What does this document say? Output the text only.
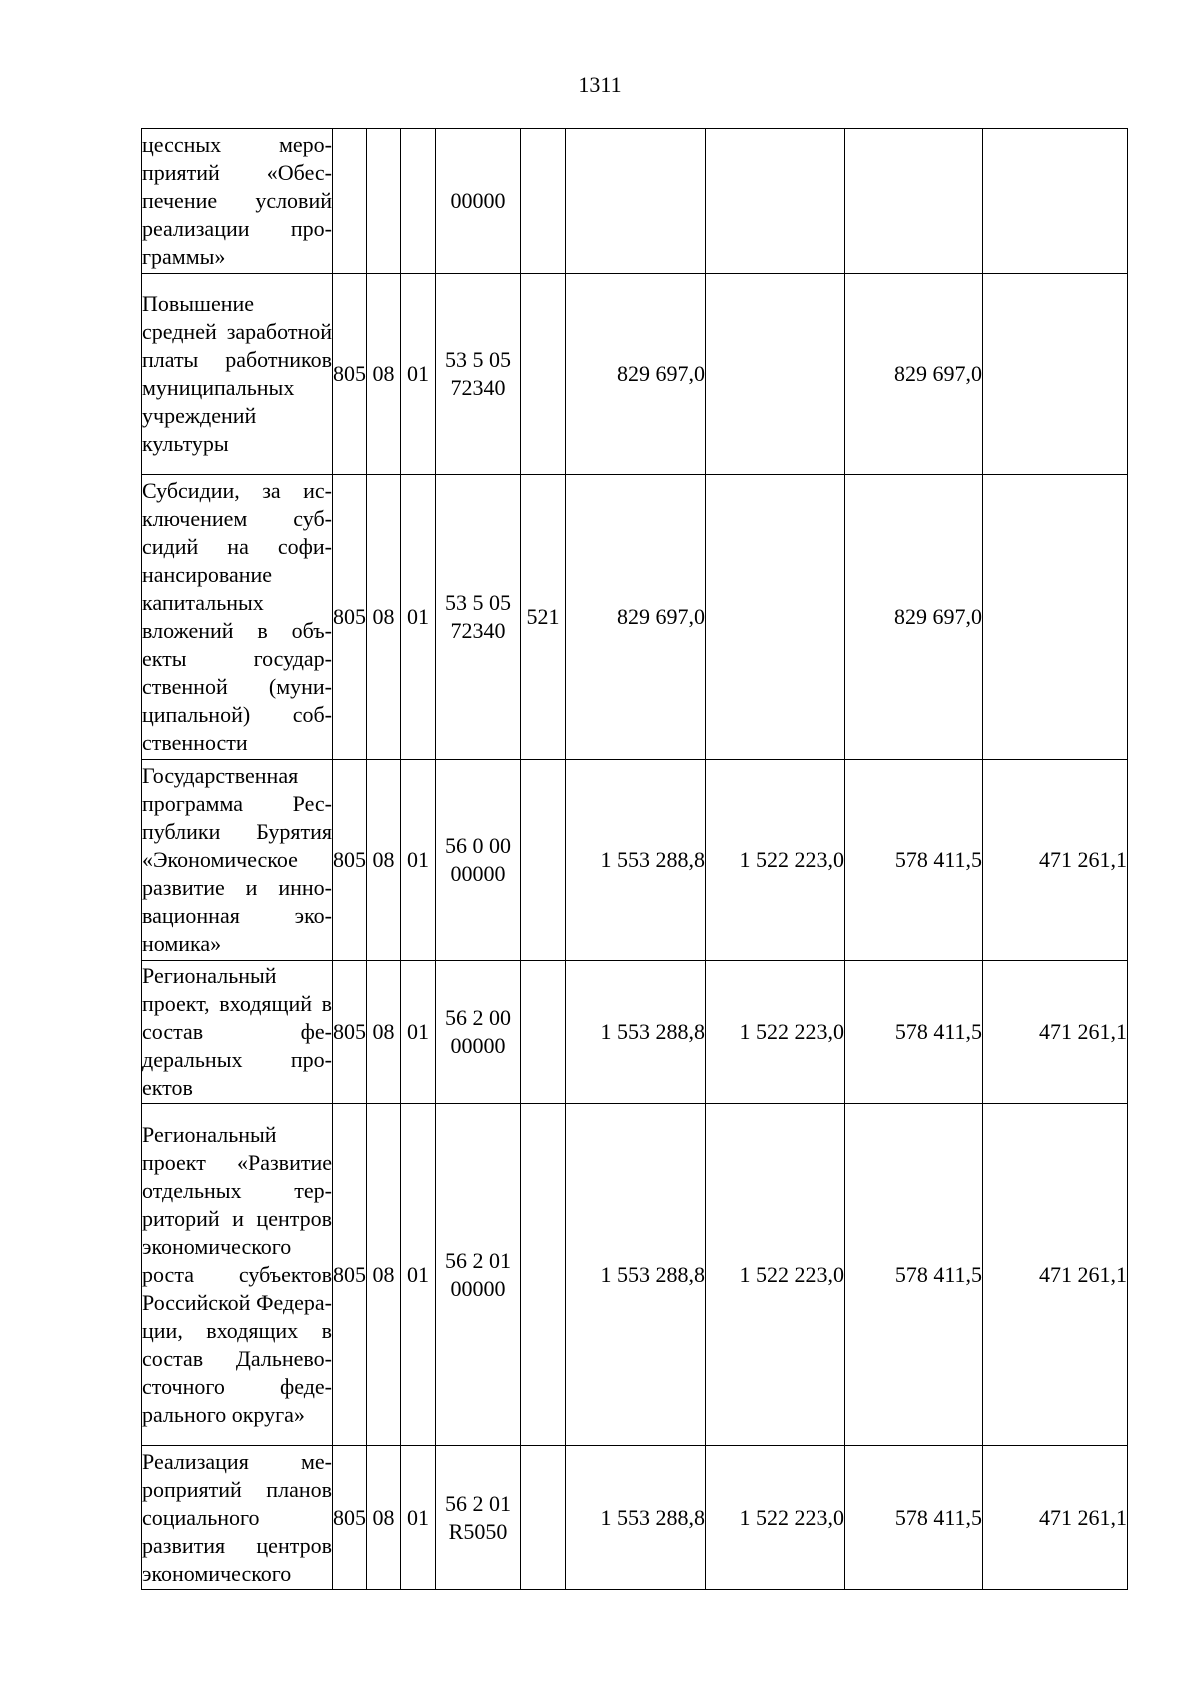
1311
цессных мероприятий «Обеспечение условий реализации программы»				00000					

Повышение средней заработной платы работников муниципальных учреждений культуры	805	08	01	53 5 05
72340		829 697,0		829 697,0	

Субсидии, за исключением субсидий на софинансирование капитальных вложений в объекты государственной (муниципальной) собственности	805	08	01	53 5 05
72340	521	829 697,0		829 697,0	

Государственная программа Республики Бурятия «Экономическое развитие и инновационная экономика»	805	08	01	56 0 00
00000		1 553 288,8	1 522 223,0	578 411,5	471 261,1

Региональный проект, входящий в состав федеральных проектов	805	08	01	56 2 00
00000		1 553 288,8	1 522 223,0	578 411,5	471 261,1

Региональный проект «Развитие отдельных территорий и центров экономического роста субъектов Российской Федерации, входящих в состав Дальневосточного федерального округа»	805	08	01	56 2 01
00000		1 553 288,8	1 522 223,0	578 411,5	471 261,1

Реализация мероприятий планов социального развития центров экономического	805	08	01	56 2 01
R5050		1 553 288,8	1 522 223,0	578 411,5	471 261,1
